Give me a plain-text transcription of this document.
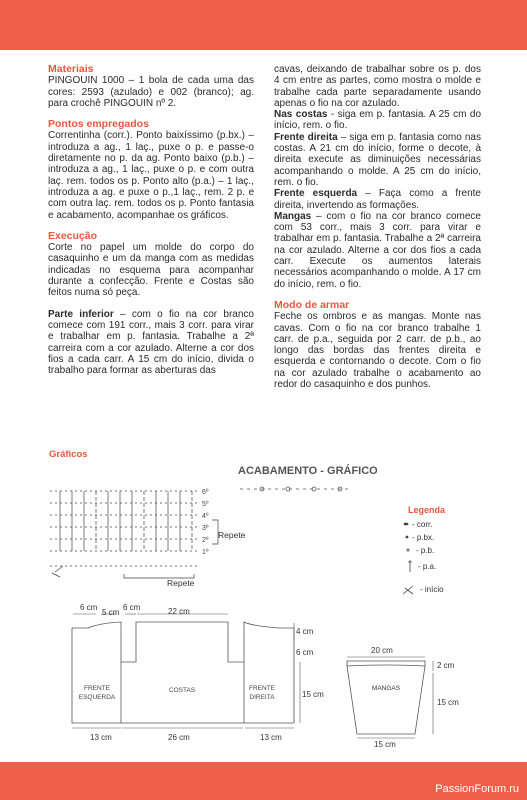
Materiais

PINGOUIN 1000 – 1 bola de cada uma das cores: 2593 (azulado) e 002 (branco); ag. para crochê PINGOUIN nº 2.

Pontos empregados

Correntinha (corr.). Ponto baixíssimo (p.bx.) – introduza a ag., 1 laç., puxe o p. e passe-o diretamente no p. da ag. Ponto baixo (p.b.) – introduza a ag., 1 laç., puxe o p. e com outra laç. rem. todos os p. Ponto alto (p.a.) – 1 laç., introduza a ag. e puxe o p.,1 laç., rem. 2 p. e com outra laç. rem. todos os p. Ponto fantasia e acabamento, acompanhae os gráficos.

Execução

Corte no papel um molde do corpo do casaquinho e um da manga com as medidas indicadas no esquema para acompanhar durante a confecção. Frente e Costas são feitos numa só peça.

Parte inferior – com o fio na cor branco comece com 191 corr., mais 3 corr. para virar e trabalhar em p. fantasia. Trabalhe a 2ª carreira com a cor azulado. Alterne a cor dos fios a cada carr. A 15 cm do início, divida o trabalho para formar as aberturas das

cavas, deixando de trabalhar sobre os p. dos 4 cm entre as partes, como mostra o molde e trabalhe cada parte separadamente usando apenas o fio na cor azulado.

Nas costas - siga em p. fantasia. A 25 cm do início, rem. o fio.

Frente direita – siga em p. fantasia como nas costas. A 21 cm do início, forme o decote, à direita execute as diminuições necessárias acompanhando o molde. A 25 cm do início, rem. o fio.

Frente esquerda – Faça como a frente direita, invertendo as formações.

Mangas – com o fio na cor branco comece com 53 corr., mais 3 corr. para virar e trabalhar em p. fantasia. Trabalhe a 2ª carreira na cor azulado. Alterne a cor dos fios a cada carr. Execute os aumentos laterais necessários acompanhando o molde. A 17 cm do início, rem. o fio.

Modo de armar

Feche os ombros e as mangas. Monte nas cavas. Com o fio na cor branco trabalhe 1 carr. de p.a., seguida por 2 carr. de p.b., ao longo das bordas das frentes direita e esquerda e contornando o decote. Com o fio na cor azulado trabalhe o acabamento ao redor do casaquinho e dos punhos.

Gráficos
ACABAMENTO - GRÁFICO
6º
5º
4º
3º
2º
1º
Repete
Repete
Legenda
- corr.
- p.bx.
- p.b.
- p.a.
- início
6 cm
5 cm
6 cm	22 cm
4 cm
6 cm
15 cm
13 cm	26 cm	13 cm
FRENTE
ESQUERDA
COSTAS	FRENTE
DIREITA
20 cm
2 cm
15 cm
15 cm
MANGAS
PassionForum.ru
